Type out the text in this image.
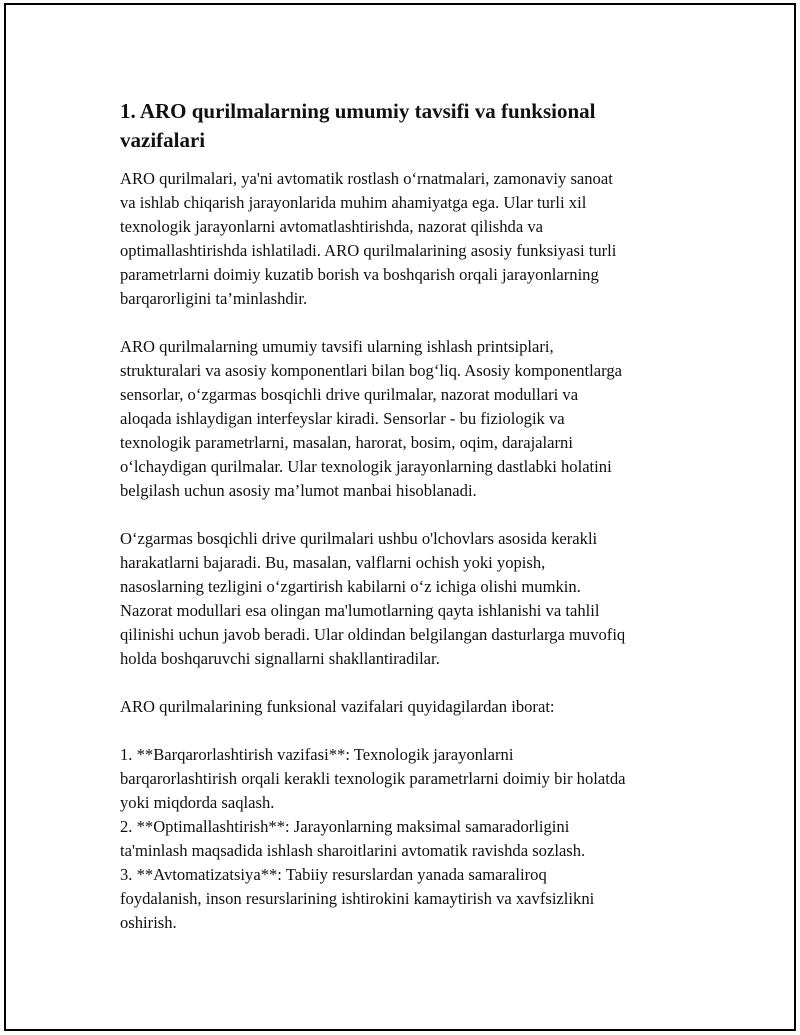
1. ARO qurilmalarning umumiy tavsifi va funksional
vazifalari
ARO qurilmalari, ya'ni avtomatik rostlash oʻrnatmalari, zamonaviy sanoat
va ishlab chiqarish jarayonlarida muhim ahamiyatga ega. Ular turli xil
texnologik jarayonlarni avtomatlashtirishda, nazorat qilishda va
optimallashtirishda ishlatiladi. ARO qurilmalarining asosiy funksiyasi turli
parametrlarni doimiy kuzatib borish va boshqarish orqali jarayonlarning
barqarorligini ta’minlashdir.
ARO qurilmalarning umumiy tavsifi ularning ishlash printsiplari,
strukturalari va asosiy komponentlari bilan bogʻliq. Asosiy komponentlarga
sensorlar, oʻzgarmas bosqichli drive qurilmalar, nazorat modullari va
aloqada ishlaydigan interfeyslar kiradi. Sensorlar - bu fiziologik va
texnologik parametrlarni, masalan, harorat, bosim, oqim, darajalarni
oʻlchaydigan qurilmalar. Ular texnologik jarayonlarning dastlabki holatini
belgilash uchun asosiy ma’lumot manbai hisoblanadi.
Oʻzgarmas bosqichli drive qurilmalari ushbu o'lchovlars asosida kerakli
harakatlarni bajaradi. Bu, masalan, valflarni ochish yoki yopish,
nasoslarning tezligini oʻzgartirish kabilarni oʻz ichiga olishi mumkin.
Nazorat modullari esa olingan ma'lumotlarning qayta ishlanishi va tahlil
qilinishi uchun javob beradi. Ular oldindan belgilangan dasturlarga muvofiq
holda boshqaruvchi signallarni shakllantiradilar.
ARO qurilmalarining funksional vazifalari quyidagilardan iborat:
1. **Barqarorlashtirish vazifasi**: Texnologik jarayonlarni
barqarorlashtirish orqali kerakli texnologik parametrlarni doimiy bir holatda
yoki miqdorda saqlash.
2. **Optimallashtirish**: Jarayonlarning maksimal samaradorligini
ta'minlash maqsadida ishlash sharoitlarini avtomatik ravishda sozlash.
3. **Avtomatizatsiya**: Tabiiy resurslardan yanada samaraliroq
foydalanish, inson resurslarining ishtirokini kamaytirish va xavfsizlikni
oshirish.
